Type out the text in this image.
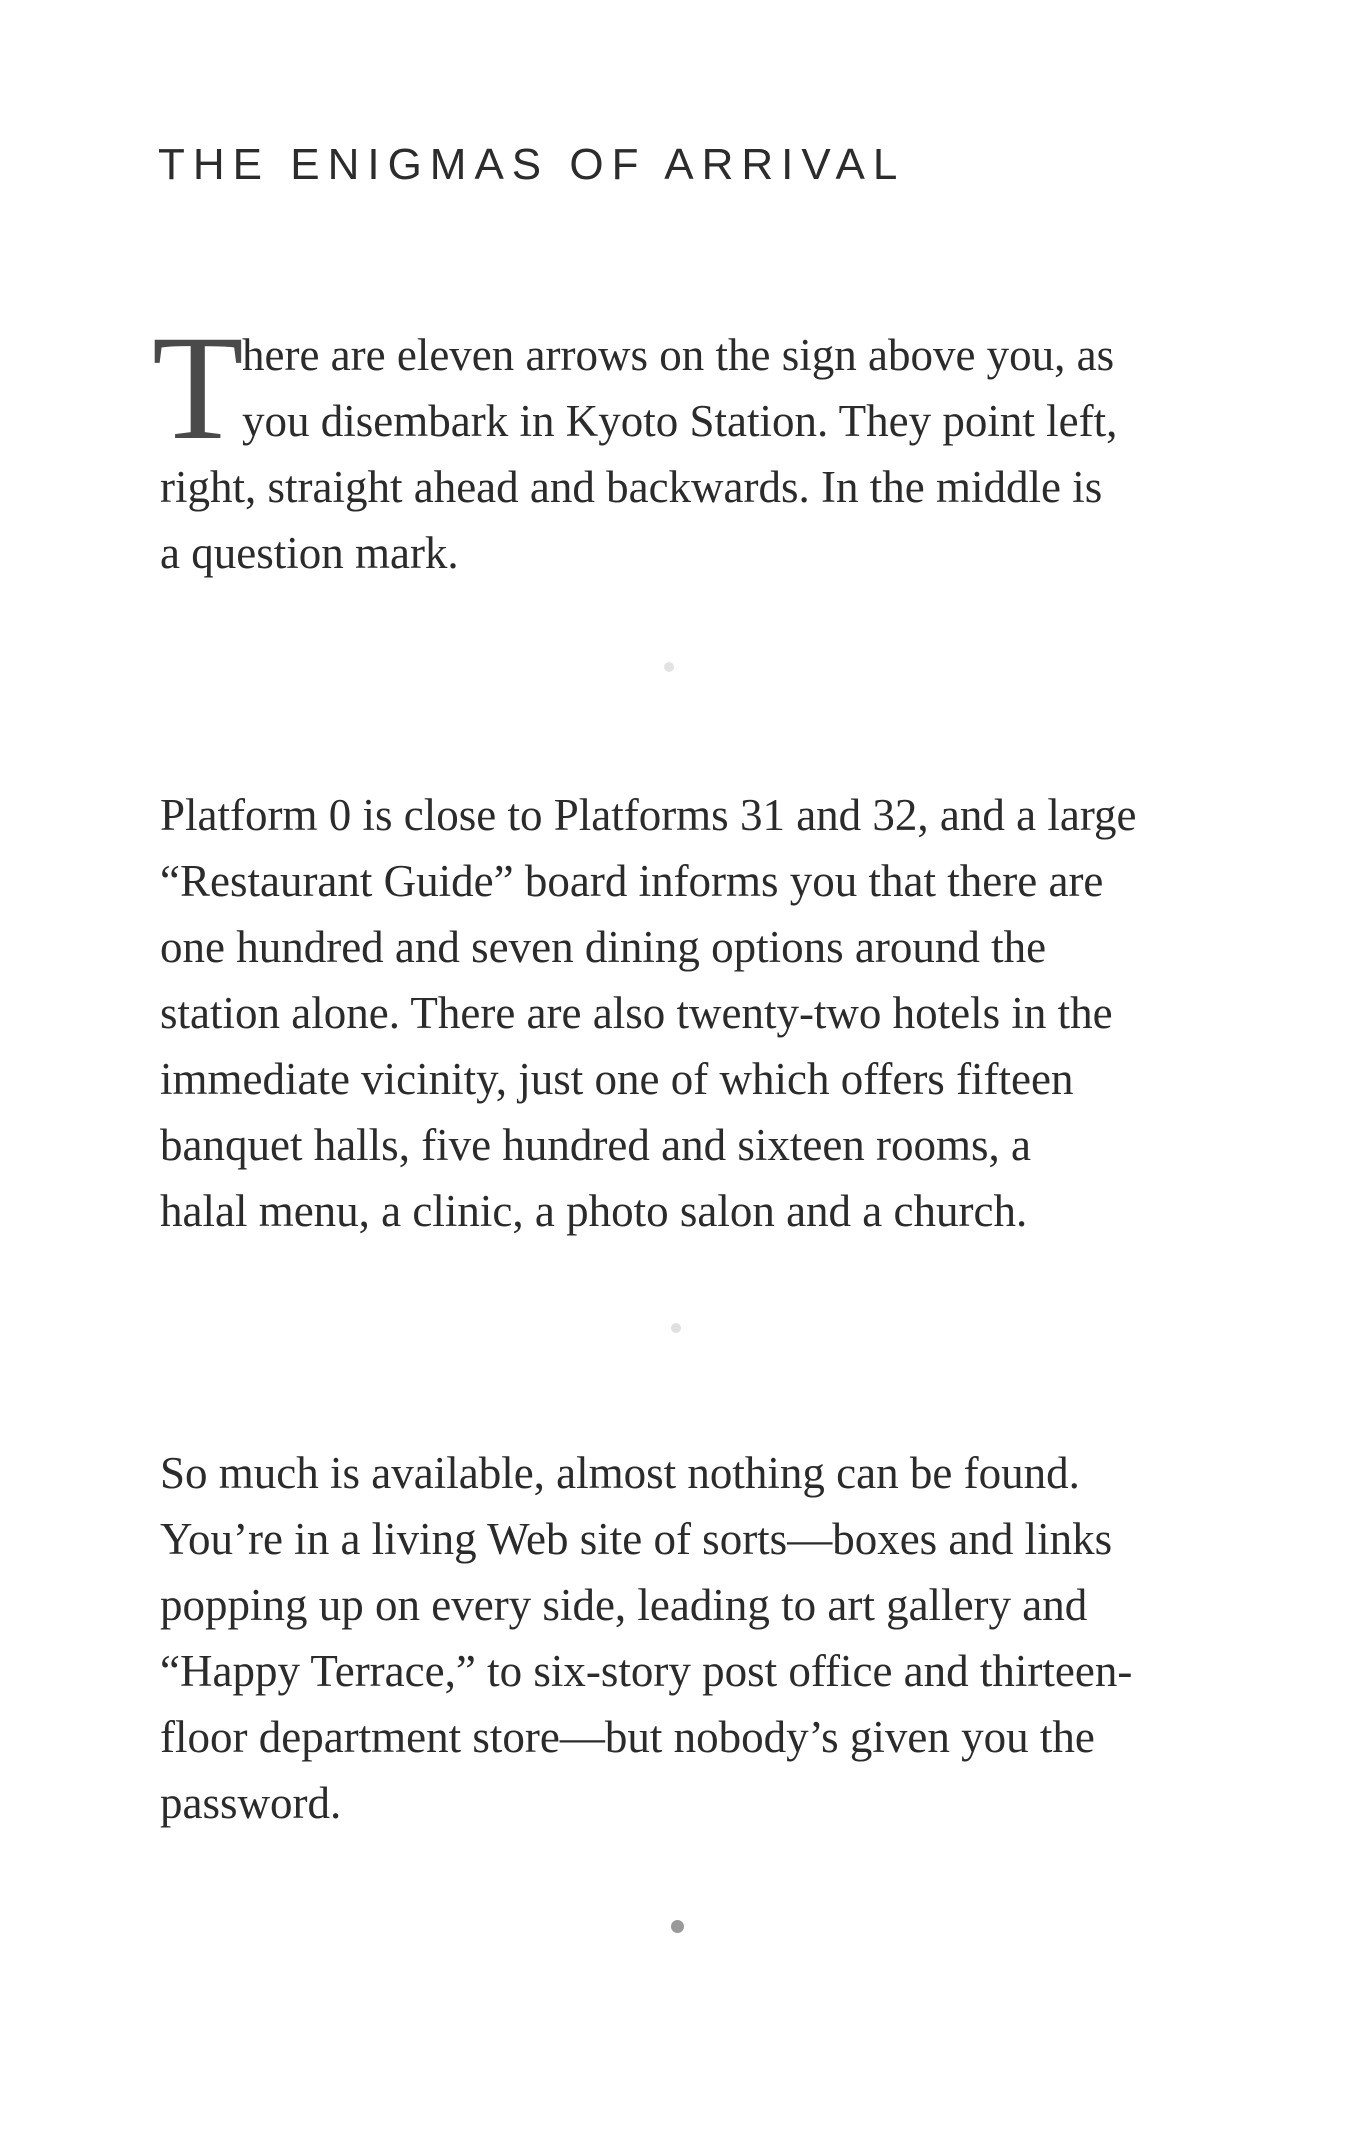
THE ENIGMAS OF ARRIVAL
T
here are eleven arrows on the sign above you, as
you disembark in Kyoto Station. They point left,
right, straight ahead and backwards. In the middle is
a question mark.
Platform 0 is close to Platforms 31 and 32, and a large
“Restaurant Guide” board informs you that there are
one hundred and seven dining options around the
station alone. There are also twenty-two hotels in the
immediate vicinity, just one of which offers fifteen
banquet halls, five hundred and sixteen rooms, a
halal menu, a clinic, a photo salon and a church.
So much is available, almost nothing can be found.
You’re in a living Web site of sorts—boxes and links
popping up on every side, leading to art gallery and
“Happy Terrace,” to six-story post office and thirteen-
floor department store—but nobody’s given you the
password.
